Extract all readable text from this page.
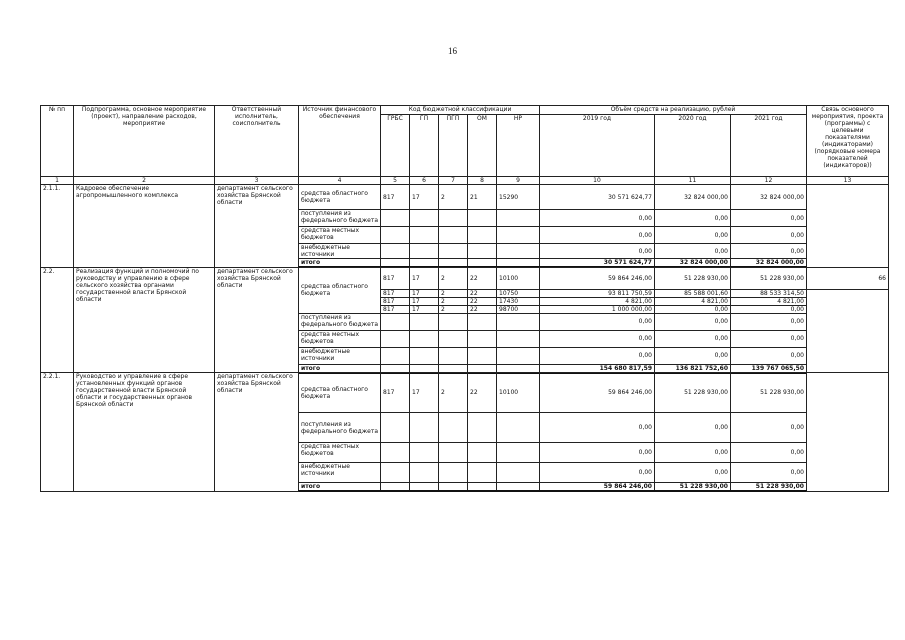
16
№ пп	Подпрограмма, основное мероприятие (проект), направление расходов, мероприятие	Ответственный исполнитель, соисполнитель	Источник финансового обеспечения	Код бюджетной классификации					Объём средств на реализацию, рублей			Связь основного мероприятия, проекта (программы) с целевыми показателями (индикаторами) (порядковые номера показателей (индикаторов))
				ГРБС	ГП	ПГП	ОМ	НР	2019 год	2020 год	2021 год	
1	2	3	4	5	6	7	8	9	10	11	12	13
2.1.1.	Кадровое обеспечение агропромышленного комплекса	департамент сельского хозяйства Брянской области	средства областного бюджета	817	17	2	21	15290	30 571 624,77	32 824 000,00	32 824 000,00	
			поступления из федерального бюджета						0,00	0,00	0,00	
			средства местных бюджетов						0,00	0,00	0,00	
			внебюджетные источники						0,00	0,00	0,00	
			итого						30 571 624,77	32 824 000,00	32 824 000,00	

2.2.	Реализация функций и полномочий по руководству и управлению в сфере сельского хозяйства органами государственной власти Брянской области	департамент сельского хозяйства Брянской области	средства областного бюджета	817	17	2	22	10100	59 864 246,00	51 228 930,00	51 228 930,00	66
				817	17	2	22	10750	93 811 750,59	85 588 001,60	88 533 314,50	
				817	17	2	22	17430	4 821,00	4 821,00	4 821,00	
				817	17	2	22	98700	1 000 000,00	0,00	0,00	
			поступления из федерального бюджета						0,00	0,00	0,00	
			средства местных бюджетов						0,00	0,00	0,00	
			внебюджетные источники						0,00	0,00	0,00	
			итого						154 680 817,59	136 821 752,60	139 767 065,50	

2.2.1.	Руководство и управление в сфере установленных функций органов государственной власти Брянской области и государственных органов Брянской области	департамент сельского хозяйства Брянской области	средства областного бюджета	817	17	2	22	10100	59 864 246,00	51 228 930,00	51 228 930,00	
			поступления из федерального бюджета						0,00	0,00	0,00	
			средства местных бюджетов						0,00	0,00	0,00	
			внебюджетные источники						0,00	0,00	0,00	
			итого						59 864 246,00	51 228 930,00	51 228 930,00	
